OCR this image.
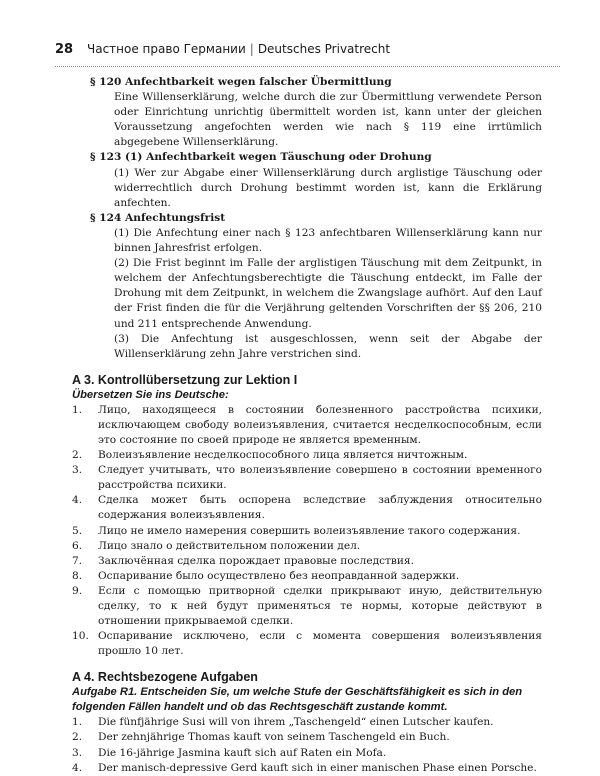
28	Частное право Германии | Deutsches Privatrecht
§ 120 Anfechtbarkeit wegen falscher Übermittlung

Eine Willenserklärung, welche durch die zur Übermittlung verwendete Person oder Einrichtung unrichtig übermittelt worden ist, kann unter der gleichen Voraussetzung angefochten werden wie nach § 119 eine irrtümlich abgegebene Willenserklärung.

§ 123 (1) Anfechtbarkeit wegen Täuschung oder Drohung

(1) Wer zur Abgabe einer Willenserklärung durch arglistige Täuschung oder widerrechtlich durch Drohung bestimmt worden ist, kann die Erklärung anfechten.

§ 124 Anfechtungsfrist

(1) Die Anfechtung einer nach § 123 anfechtbaren Willenserklärung kann nur binnen Jahresfrist erfolgen.

(2) Die Frist beginnt im Falle der arglistigen Täuschung mit dem Zeitpunkt, in welchem der Anfechtungsberechtigte die Täuschung entdeckt, im Falle der Drohung mit dem Zeitpunkt, in welchem die Zwangslage aufhört. Auf den Lauf der Frist finden die für die Verjährung geltenden Vorschriften der §§ 206, 210 und 211 entsprechende Anwendung.

(3) Die Anfechtung ist ausgeschlossen, wenn seit der Abgabe der Willenserklärung zehn Jahre verstrichen sind.

A 3. Kontrollübersetzung zur Lektion I
Übersetzen Sie ins Deutsche:
1.	Лицо, находящееся в состоянии болезненного расстройства психики, исключающем свободу волеизъявления, считается несделкоспособным, если это состояние по своей природе не является временным.
2.	Волеизъявление несделкоспособного лица является ничтожным.
3.	Следует учитывать, что волеизъявление совершено в состоянии временного расстройства психики.
4.	Сделка может быть оспорена вследствие заблуждения относительно содержания волеизъявления.
5.	Лицо не имело намерения совершить волеизъявление такого содержания.
6.	Лицо знало о действительном положении дел.
7.	Заключённая сделка порождает правовые последствия.
8.	Оспаривание было осуществлено без неоправданной задержки.
9.	Если с помощью притворной сделки прикрывают иную, действительную сделку, то к ней будут применяться те нормы, которые действуют в отношении прикрываемой сделки.
10. Оспаривание исключено, если с момента совершения волеизъявления прошло 10 лет.
A 4. Rechtsbezogene Aufgaben
Aufgabe R1. Entscheiden Sie, um welche Stufe der Geschäftsfähigkeit es sich in den folgenden Fällen handelt und ob das Rechtsgeschäft zustande kommt.
1.	Die fünfjährige Susi will von ihrem „Taschengeld“ einen Lutscher kaufen.
2.	Der zehnjährige Thomas kauft von seinem Taschengeld ein Buch.
3.	Die 16-jährige Jasmina kauft sich auf Raten ein Mofa.
4.	Der manisch-depressive Gerd kauft sich in einer manischen Phase einen Porsche.
